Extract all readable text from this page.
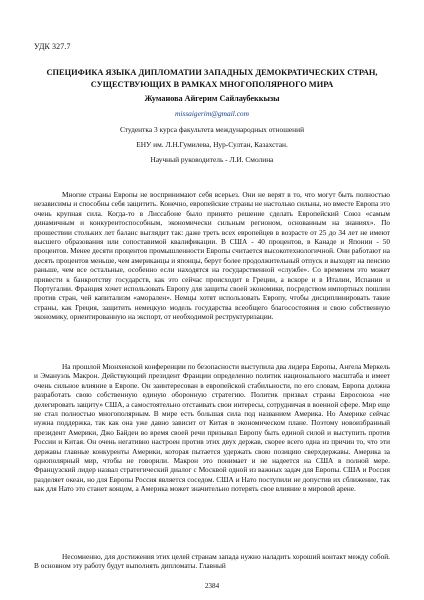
УДК 327.7
СПЕЦИФИКА ЯЗЫКА ДИПЛОМАТИИ ЗАПАДНЫХ ДЕМОКРАТИЧЕСКИХ СТРАН,
СУЩЕСТВУЮЩИХ В РАМКАХ МНОГОПОЛЯРНОГО МИРА

Жуманова Айгерим Сайлаубеккызы

missaigerim@gmail.com

Студентка 3 курса факультета международных отношений

ЕНУ им. Л.Н.Гумилева, Нур-Султан, Казахстан.

Научный руководитель - Л.И. Смолина

Многие страны Европы не воспринимают себя всерьез. Они не верят в то, что могут быть полностью независимы и способны себя защитить. Конечно, европейские страны не настолько сильны, но вместе Европа это очень крупная сила. Когда-то в Лиссабоне было принято решение сделать Европейский Союз «самым динамичным и конкурентоспособным, экономически сильным регионом, основанным на знаниях». По прошествии стольких лет баланс выглядит так: даже треть всех европейцев в возрасте от 25 до 34 лет не имеют высшего образования или сопоставимой квалификации. В США - 40 процентов, в Канаде и Японии - 50 процентов. Менее десяти процентов промышленности Европы считается высокотехнологичной. Они работают на десять процентов меньше, чем американцы и японцы, берут более продолжительный отпуск и выходят на пенсию раньше, чем все остальные, особенно если находятся на государственной «службе». Со временем это может привести к банкротству государств, как это сейчас происходит в Греции, а вскоре и в Италии, Испании и Португалии. Франция хочет использовать Европу для защиты своей экономики, посредством импортных пошлин против стран, чей капитализм «аморален». Немцы хотят использовать Европу, чтобы дисциплинировать такие страны, как Греция, защитить немецкую модель государства всеобщего благосостояния и свою собственную экономику, ориентированную на экспорт, от необходимой реструктуризации.

На прошлой Мюнхенской конференции по безопасности выступила два лидера Европы, Ангела Меркель и Эмануэль Макрон. Действующий президент Франции определенно политик национального масштаба и имеет очень сильное влияние в Европе. Он заинтересован в европейской стабильности, по его словам, Европа должна разработать свою собственную единую оборонную стратегию. Политик призвал страны Евросоюза «не делегировать защиту» США, а самостоятельно отстаивать свои интересы, сотрудничая в военной сфере. Мир еще не стал полностью многополярным. В мире есть большая сила под названием Америка. Но Америке сейчас нужна поддержка, так как она уже давно зависит от Китая в экономическом плане. Поэтому новоизбранный президент Америки, Джо Байден во время своей речи призывал Европу быть единой силой и выступить против России и Китая. Он очень негативно настроен против этих двух держав, скорее всего одна из причин то, что эти державы главные конкуренты Америки, которая пытается удержать свою позицию сверхдержавы. Америка за однополярный мир, чтобы не говорили. Макрон это понимает и не надеется на США в полной мере. Французский лидер назвал стратегический диалог с Москвой одной из важных задач для Европы. США и Россия разделяет океан, но для Европы Россия является соседом. США и Нато поступили не допустив их сближение, так как для Нато это станет концом, а Америка может значительно потерять свое влияние в мировой арене.

Несомненно, для достижения этих целей странам запада нужно наладить хороший контакт между собой. В основном эту работу будут выполнять дипломаты. Главный

2384
